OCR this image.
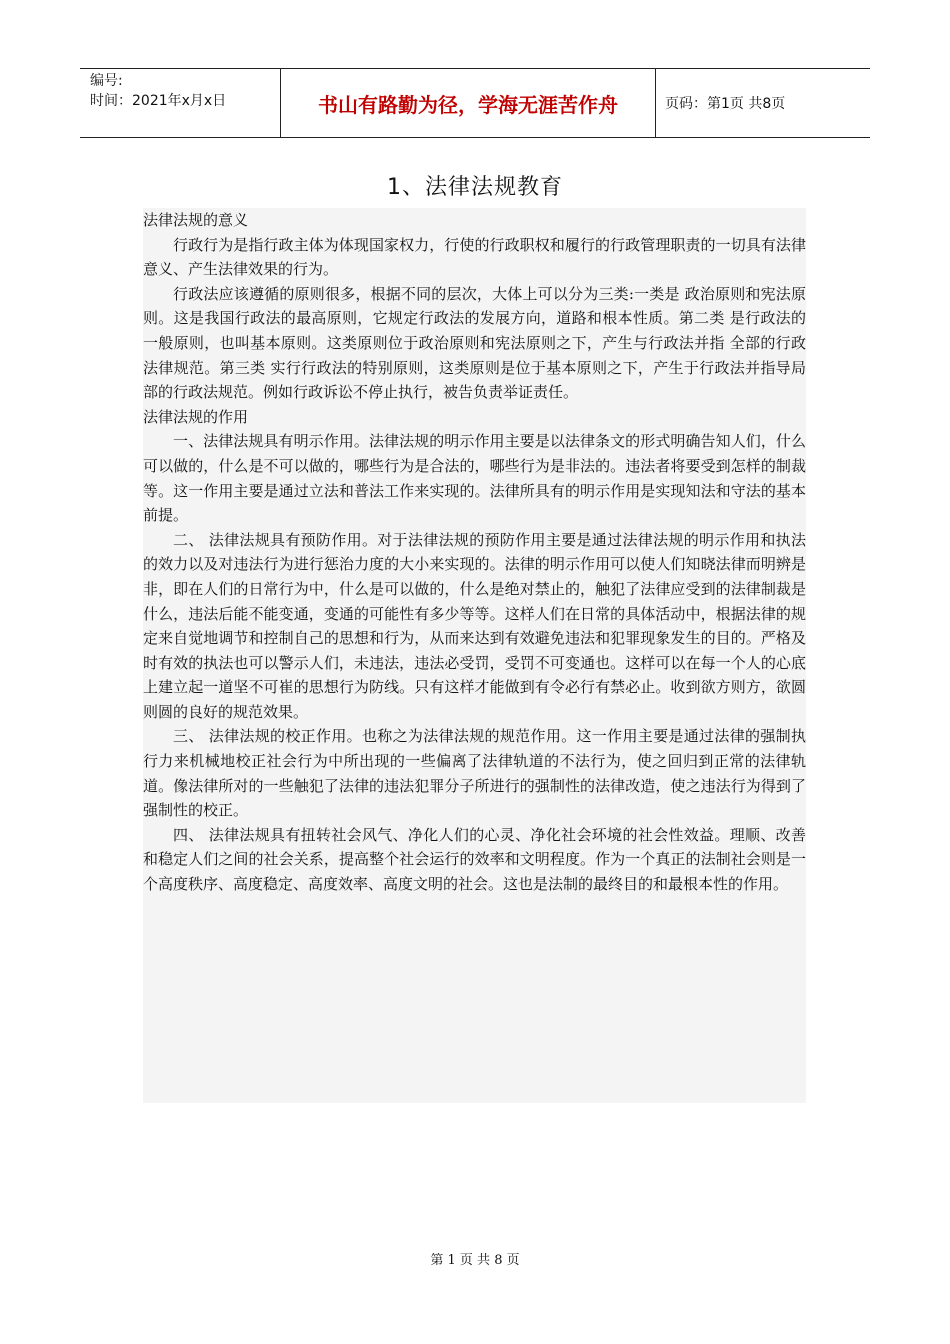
编号:
时间：2021年x月x日	书山有路勤为径，学海无涯苦作舟	页码：第1页 共8页
1、法律法规教育

法律法规的意义

行政行为是指行政主体为体现国家权力，行使的行政职权和履行的行政管理职责的一切具有法律意义、产生法律效果的行为。

行政法应该遵循的原则很多，根据不同的层次，大体上可以分为三类:一类是 政治原则和宪法原则。这是我国行政法的最高原则，它规定行政法的发展方向，道路和根本性质。第二类 是行政法的一般原则，也叫基本原则。这类原则位于政治原则和宪法原则之下，产生与行政法并指 全部的行政法律规范。第三类 实行行政法的特别原则，这类原则是位于基本原则之下，产生于行政法并指导局部的行政法规范。例如行政诉讼不停止执行，被告负责举证责任。

法律法规的作用

一、法律法规具有明示作用。法律法规的明示作用主要是以法律条文的形式明确告知人们，什么可以做的，什么是不可以做的，哪些行为是合法的，哪些行为是非法的。违法者将要受到怎样的制裁等。这一作用主要是通过立法和普法工作来实现的。法律所具有的明示作用是实现知法和守法的基本前提。

二、 法律法规具有预防作用。对于法律法规的预防作用主要是通过法律法规的明示作用和执法的效力以及对违法行为进行惩治力度的大小来实现的。法律的明示作用可以使人们知晓法律而明辨是非，即在人们的日常行为中，什么是可以做的，什么是绝对禁止的，触犯了法律应受到的法律制裁是什么，违法后能不能变通，变通的可能性有多少等等。这样人们在日常的具体活动中，根据法律的规定来自觉地调节和控制自己的思想和行为，从而来达到有效避免违法和犯罪现象发生的目的。严格及时有效的执法也可以警示人们，未违法，违法必受罚，受罚不可变通也。这样可以在每一个人的心底上建立起一道坚不可崔的思想行为防线。只有这样才能做到有令必行有禁必止。收到欲方则方，欲圆则圆的良好的规范效果。

三、 法律法规的校正作用。也称之为法律法规的规范作用。这一作用主要是通过法律的强制执行力来机械地校正社会行为中所出现的一些偏离了法律轨道的不法行为，使之回归到正常的法律轨道。像法律所对的一些触犯了法律的违法犯罪分子所进行的强制性的法律改造，使之违法行为得到了强制性的校正。

四、 法律法规具有扭转社会风气、净化人们的心灵、净化社会环境的社会性效益。理顺、改善和稳定人们之间的社会关系，提高整个社会运行的效率和文明程度。作为一个真正的法制社会则是一个高度秩序、高度稳定、高度效率、高度文明的社会。这也是法制的最终目的和最根本性的作用。

第 1 页 共 8 页
